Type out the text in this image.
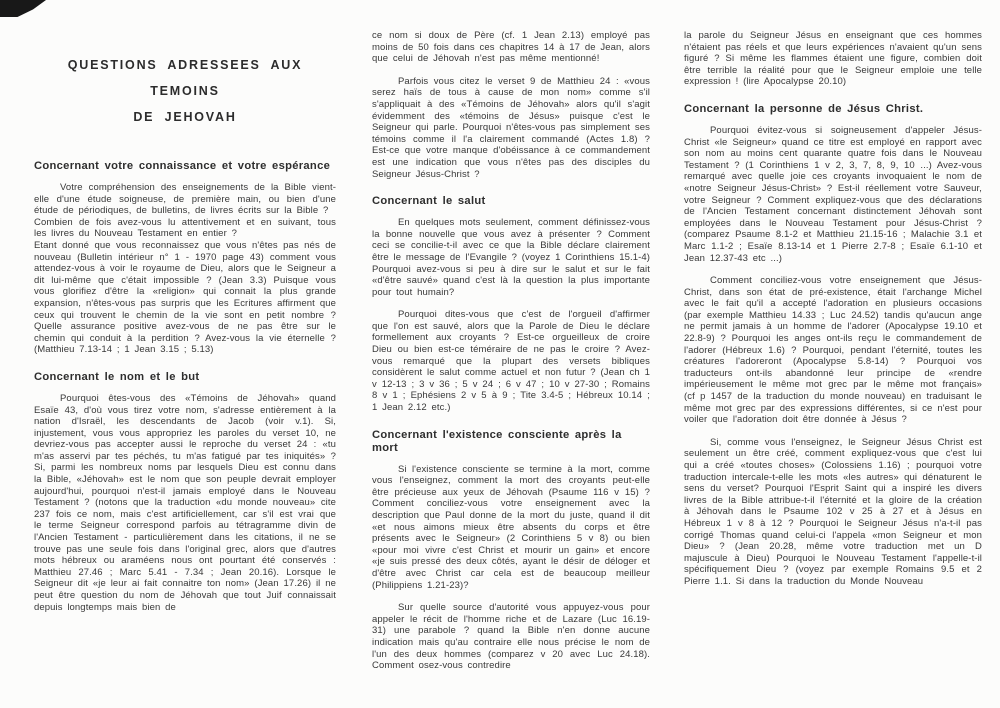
QUESTIONS ADRESSEES AUX TEMOINS
DE JEHOVAH
Concernant votre connaissance et votre espérance

Votre compréhension des enseignements de la Bible vient-elle d'une étude soigneuse, de première main, ou bien d'une étude de périodiques, de bulletins, de livres écrits sur la Bible ?

Combien de fois avez-vous lu attentivement et en suivant, tous les livres du Nouveau Testament en entier ?

Etant donné que vous reconnaissez que vous n'êtes pas nés de nouveau (Bulletin intérieur n° 1 - 1970 page 43) comment vous attendez-vous à voir le royaume de Dieu, alors que le Seigneur a dit lui-même que c'était impossible ? (Jean 3.3) Puisque vous vous glorifiez d'être la «religion» qui connait la plus grande expansion, n'êtes-vous pas surpris que les Ecritures affirment que ceux qui trouvent le chemin de la vie sont en petit nombre ? Quelle assurance positive avez-vous de ne pas être sur le chemin qui conduit à la perdition ? Avez-vous la vie éternelle ? (Matthieu 7.13-14 ; 1 Jean 3.15 ; 5.13)

Concernant le nom et le but

Pourquoi êtes-vous des «Témoins de Jéhovah» quand Esaïe 43, d'où vous tirez votre nom, s'adresse entièrement à la nation d'Israël, les descendants de Jacob (voir v.1). Si, injustement, vous vous appropriez les paroles du verset 10, ne devriez-vous pas accepter aussi le reproche du verset 24 : «tu m'as asservi par tes péchés, tu m'as fatigué par tes iniquités» ? Si, parmi les nombreux noms par lesquels Dieu est connu dans la Bible, «Jéhovah» est le nom que son peuple devrait employer aujourd'hui, pourquoi n'est-il jamais employé dans le Nouveau Testament ? (notons que la traduction «du monde nouveau» cite 237 fois ce nom, mais c'est artificiellement, car s'il est vrai que le terme Seigneur correspond parfois au tétragramme divin de l'Ancien Testament - particulièrement dans les citations, il ne se trouve pas une seule fois dans l'original grec, alors que d'autres mots hébreux ou araméens nous ont pourtant été conservés : Matthieu 27.46 ; Marc 5.41 - 7.34 ; Jean 20.16). Lorsque le Seigneur dit «je leur ai fait connaitre ton nom» (Jean 17.26) il ne peut être question du nom de Jéhovah que tout Juif connaissait depuis longtemps mais bien de

ce nom si doux de Père (cf. 1 Jean 2.13) employé pas moins de 50 fois dans ces chapitres 14 à 17 de Jean, alors que celui de Jéhovah n'est pas même mentionné!

Parfois vous citez le verset 9 de Matthieu 24 : «vous serez haïs de tous à cause de mon nom» comme s'il s'appliquait à des «Témoins de Jéhovah» alors qu'il s'agit évidemment des «témoins de Jésus» puisque c'est le Seigneur qui parle. Pourquoi n'êtes-vous pas simplement ses témoins comme il l'a clairement commandé (Actes 1.8) ? Est-ce que votre manque d'obéissance à ce commandement est une indication que vous n'êtes pas des disciples du Seigneur Jésus-Christ ?

Concernant le salut

En quelques mots seulement, comment définissez-vous la bonne nouvelle que vous avez à présenter ? Comment ceci se concilie-t-il avec ce que la Bible déclare clairement être le message de l'Evangile ? (voyez 1 Corinthiens 15.1-4) Pourquoi avez-vous si peu à dire sur le salut et sur le fait «d'être sauvé» quand c'est là la question la plus importante pour tout humain?

Pourquoi dites-vous que c'est de l'orgueil d'affirmer que l'on est sauvé, alors que la Parole de Dieu le déclare formellement aux croyants ? Est-ce orgueilleux de croire Dieu ou bien est-ce téméraire de ne pas le croire ? Avez-vous remarqué que la plupart des versets bibliques considèrent le salut comme actuel et non futur ? (Jean ch 1 v 12-13 ; 3 v 36 ; 5 v 24 ; 6 v 47 ; 10 v 27-30 ; Romains 8 v 1 ; Ephésiens 2 v 5 à 9 ; Tite 3.4-5 ; Hébreux 10.14 ; 1 Jean 2.12 etc.)

Concernant l'existence consciente après la mort

Si l'existence consciente se termine à la mort, comme vous l'enseignez, comment la mort des croyants peut-elle être précieuse aux yeux de Jéhovah (Psaume 116 v 15) ? Comment conciliez-vous votre enseignement avec la description que Paul donne de la mort du juste, quand il dit «et nous aimons mieux être absents du corps et être présents avec le Seigneur» (2 Corinthiens 5 v 8) ou bien «pour moi vivre c'est Christ et mourir un gain» et encore «je suis pressé des deux côtés, ayant le désir de déloger et d'être avec Christ car cela est de beaucoup meilleur (Philippiens 1.21-23)?

Sur quelle source d'autorité vous appuyez-vous pour appeler le récit de l'homme riche et de Lazare (Luc 16.19-31) une parabole ? quand la Bible n'en donne aucune indication mais qu'au contraire elle nous précise le nom de l'un des deux hommes (comparez v 20 avec Luc 24.18). Comment osez-vous contredire

la parole du Seigneur Jésus en enseignant que ces hommes n'étaient pas réels et que leurs expériences n'avaient qu'un sens figuré ? Si même les flammes étaient une figure, combien doit être terrible la réalité pour que le Seigneur emploie une telle expression ! (lire Apocalypse 20.10)

Concernant la personne de Jésus Christ.

Pourquoi évitez-vous si soigneusement d'appeler Jésus-Christ «le Seigneur» quand ce titre est employé en rapport avec son nom au moins cent quarante quatre fois dans le Nouveau Testament ? (1 Corinthiens 1 v 2, 3, 7, 8, 9, 10 ...) Avez-vous remarqué avec quelle joie ces croyants invoquaient le nom de «notre Seigneur Jésus-Christ» ? Est-il réellement votre Sauveur, votre Seigneur ? Comment expliquez-vous que des déclarations de l'Ancien Testament concernant distinctement Jéhovah sont employées dans le Nouveau Testament pour Jésus-Christ ? (comparez Psaume 8.1-2 et Matthieu 21.15-16 ; Malachie 3.1 et Marc 1.1-2 ; Esaïe 8.13-14 et 1 Pierre 2.7-8 ; Esaïe 6.1-10 et Jean 12.37-43 etc ...)

Comment conciliez-vous votre enseignement que Jésus-Christ, dans son état de pré-existence, était l'archange Michel avec le fait qu'il a accepté l'adoration en plusieurs occasions (par exemple Matthieu 14.33 ; Luc 24.52) tandis qu'aucun ange ne permit jamais à un homme de l'adorer (Apocalypse 19.10 et 22.8-9) ? Pourquoi les anges ont-ils reçu le commandement de l'adorer (Hébreux 1.6) ? Pourquoi, pendant l'éternité, toutes les créatures l'adoreront (Apocalypse 5.8-14) ? Pourquoi vos traducteurs ont-ils abandonné leur principe de «rendre impérieusement le même mot grec par le même mot français» (cf p 1457 de la traduction du monde nouveau) en traduisant le même mot grec par des expressions différentes, si ce n'est pour voiler que l'adoration doit être donnée à Jésus ?

Si, comme vous l'enseignez, le Seigneur Jésus Christ est seulement un être créé, comment expliquez-vous que c'est lui qui a créé «toutes choses» (Colossiens 1.16) ; pourquoi votre traduction intercale-t-elle les mots «les autres» qui dénaturent le sens du verset? Pourquoi l'Esprit Saint qui a inspiré les divers livres de la Bible attribue-t-il l'éternité et la gloire de la création à Jéhovah dans le Psaume 102 v 25 à 27 et à Jésus en Hébreux 1 v 8 à 12 ? Pourquoi le Seigneur Jésus n'a-t-il pas corrigé Thomas quand celui-ci l'appela «mon Seigneur et mon Dieu» ? (Jean 20.28, même votre traduction met un D majuscule à Dieu) Pourquoi le Nouveau Testament l'appelle-t-il spécifiquement Dieu ? (voyez par exemple Romains 9.5 et 2 Pierre 1.1. Si dans la traduction du Monde Nouveau
